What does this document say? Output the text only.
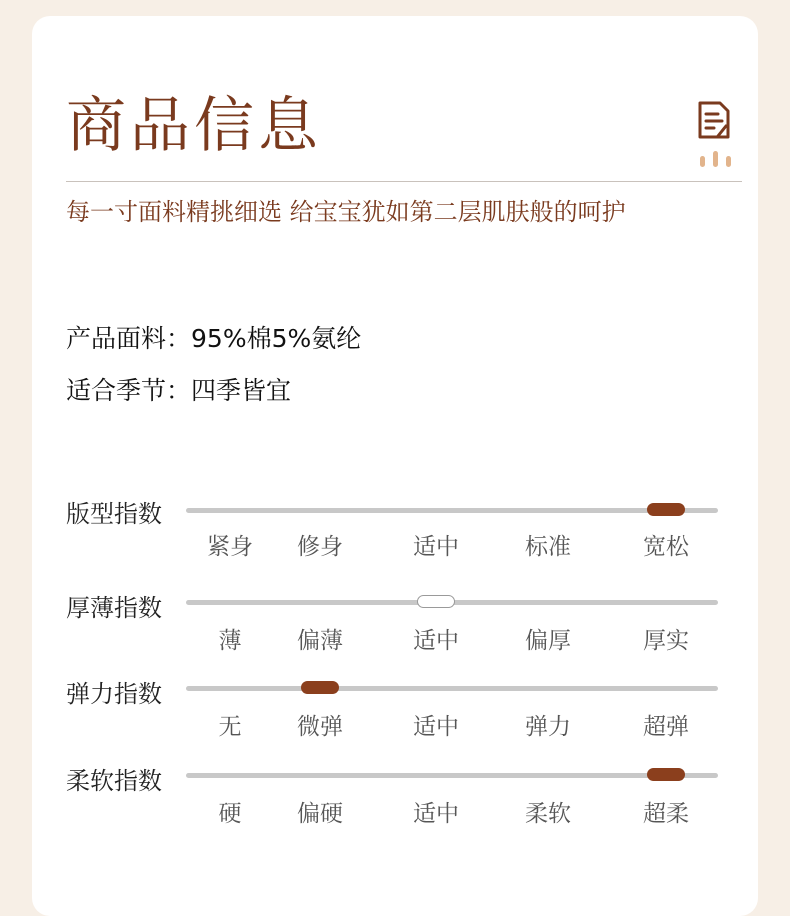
商品信息
每一寸面料精挑细选 给宝宝犹如第二层肌肤般的呵护
产品面料：95%棉5%氨纶
适合季节：四季皆宜
版型指数
紧身 修身	适中	标准	宽松
厚薄指数
薄 偏薄	适中	偏厚	厚实
弹力指数
无 微弹	适中	弹力	超弹
柔软指数
硬 偏硬	适中	柔软	超柔
